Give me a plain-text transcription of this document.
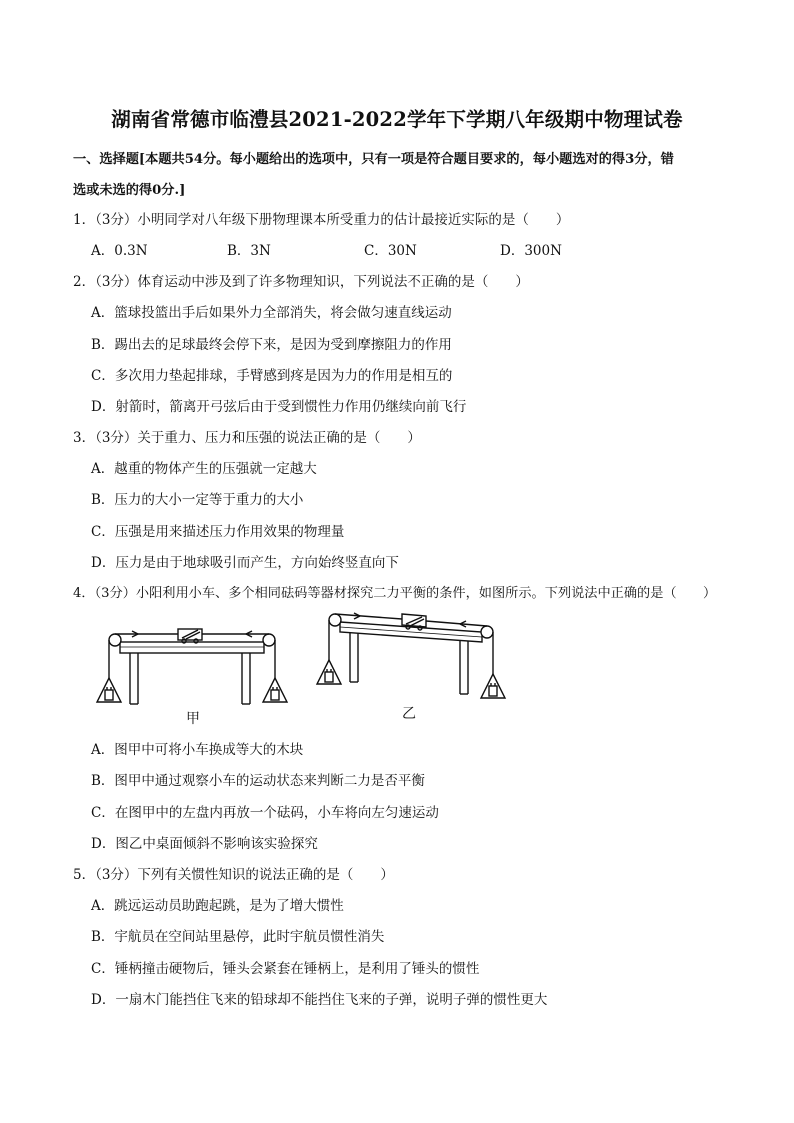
湖南省常德市临澧县2021-2022学年下学期八年级期中物理试卷
一、选择题[本题共54分。每小题给出的选项中，只有一项是符合题目要求的，每小题选对的得3分，错
选或未选的得0分.]
1．（3分）小明同学对八年级下册物理课本所受重力的估计最接近实际的是（　　）
A．0.3N	B．3N	C．30N	D．300N
2．（3分）体育运动中涉及到了许多物理知识，下列说法不正确的是（　　）
A．篮球投篮出手后如果外力全部消失，将会做匀速直线运动
B．踢出去的足球最终会停下来，是因为受到摩擦阻力的作用
C．多次用力垫起排球，手臂感到疼是因为力的作用是相互的
D．射箭时，箭离开弓弦后由于受到惯性力作用仍继续向前飞行
3．（3分）关于重力、压力和压强的说法正确的是（　　）
A．越重的物体产生的压强就一定越大
B．压力的大小一定等于重力的大小
C．压强是用来描述压力作用效果的物理量
D．压力是由于地球吸引而产生，方向始终竖直向下
4．（3分）小阳利用小车、多个相同砝码等器材探究二力平衡的条件，如图所示。下列说法中正确的是（　　）
甲	乙
A．图甲中可将小车换成等大的木块
B．图甲中通过观察小车的运动状态来判断二力是否平衡
C．在图甲中的左盘内再放一个砝码，小车将向左匀速运动
D．图乙中桌面倾斜不影响该实验探究
5．（3分）下列有关惯性知识的说法正确的是（　　）
A．跳远运动员助跑起跳，是为了增大惯性
B．宇航员在空间站里悬停，此时宇航员惯性消失
C．锤柄撞击硬物后，锤头会紧套在锤柄上，是利用了锤头的惯性
D．一扇木门能挡住飞来的铅球却不能挡住飞来的子弹，说明子弹的惯性更大
